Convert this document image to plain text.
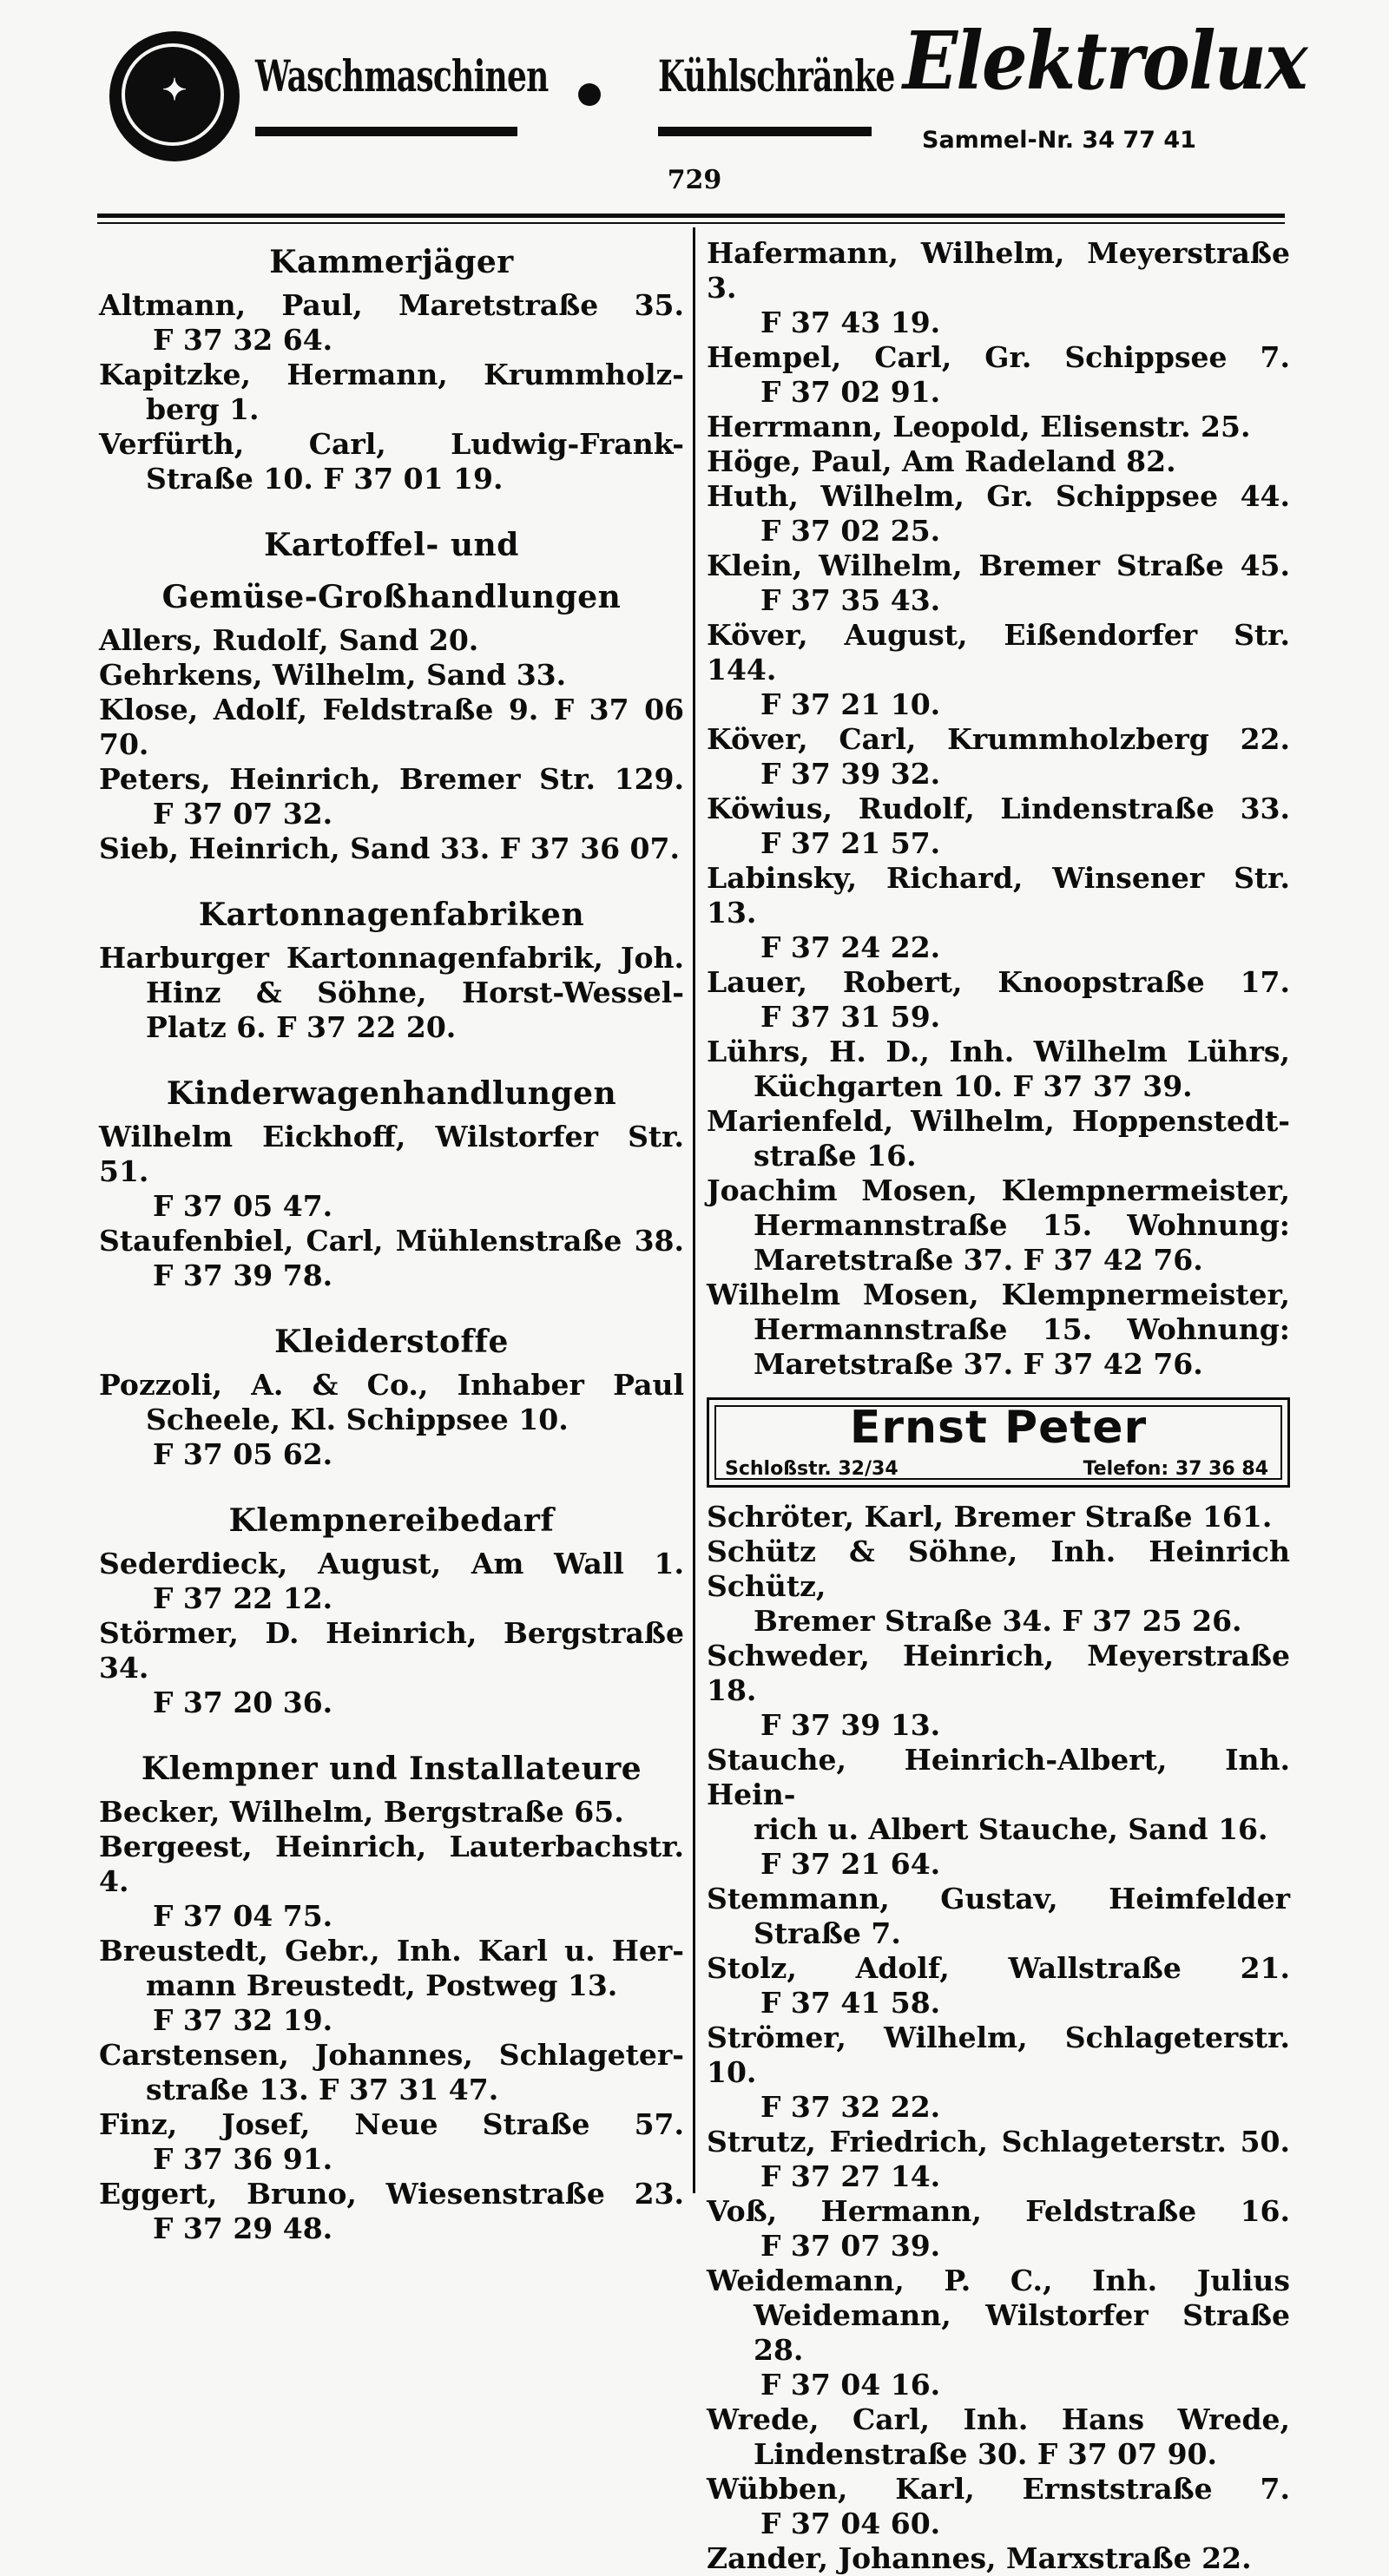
✦	Waschmaschinen	Kühlschränke Elektrolux
Sammel-Nr. 34 77 41
729
Kammerjäger
Altmann, Paul, Maretstraße 35.
F 37 32 64.
Kapitzke, Hermann, Krummholz-
berg 1.
Verfürth, Carl, Ludwig-Frank-
Straße 10. F 37 01 19.
Kartoffel- und
Gemüse-Großhandlungen
Allers, Rudolf, Sand 20.
Gehrkens, Wilhelm, Sand 33.
Klose, Adolf, Feldstraße 9. F 37 06 70.
Peters, Heinrich, Bremer Str. 129.
F 37 07 32.
Sieb, Heinrich, Sand 33. F 37 36 07.
Kartonnagenfabriken
Harburger Kartonnagenfabrik, Joh.
Hinz & Söhne, Horst-Wessel-
Platz 6. F 37 22 20.
Kinderwagenhandlungen
Wilhelm Eickhoff, Wilstorfer Str. 51.
F 37 05 47.
Staufenbiel, Carl, Mühlenstraße 38.
F 37 39 78.
Kleiderstoffe
Pozzoli, A. & Co., Inhaber Paul
Scheele, Kl. Schippsee 10.
F 37 05 62.
Klempnereibedarf
Sederdieck, August, Am Wall 1.
F 37 22 12.
Störmer, D. Heinrich, Bergstraße 34.
F 37 20 36.
Klempner und Installateure
Becker, Wilhelm, Bergstraße 65.
Bergeest, Heinrich, Lauterbachstr. 4.
F 37 04 75.
Breustedt, Gebr., Inh. Karl u. Her-
mann Breustedt, Postweg 13.
F 37 32 19.
Carstensen, Johannes, Schlageter-
straße 13. F 37 31 47.
Finz, Josef, Neue Straße 57.
F 37 36 91.
Eggert, Bruno, Wiesenstraße 23.
F 37 29 48.
Hafermann, Wilhelm, Meyerstraße 3.
F 37 43 19.
Hempel, Carl, Gr. Schippsee 7.
F 37 02 91.
Herrmann, Leopold, Elisenstr. 25.
Höge, Paul, Am Radeland 82.
Huth, Wilhelm, Gr. Schippsee 44.
F 37 02 25.
Klein, Wilhelm, Bremer Straße 45.
F 37 35 43.
Köver, August, Eißendorfer Str. 144.
F 37 21 10.
Köver, Carl, Krummholzberg 22.
F 37 39 32.
Köwius, Rudolf, Lindenstraße 33.
F 37 21 57.
Labinsky, Richard, Winsener Str. 13.
F 37 24 22.
Lauer, Robert, Knoopstraße 17.
F 37 31 59.
Lührs, H. D., Inh. Wilhelm Lührs,
Küchgarten 10. F 37 37 39.
Marienfeld, Wilhelm, Hoppenstedt-
straße 16.
Joachim Mosen, Klempnermeister,
Hermannstraße 15. Wohnung:
Maretstraße 37. F 37 42 76.
Wilhelm Mosen, Klempnermeister,
Hermannstraße 15. Wohnung:
Maretstraße 37. F 37 42 76.
Ernst Peter
Schloßstr. 32/34	Telefon: 37 36 84
Schröter, Karl, Bremer Straße 161.
Schütz & Söhne, Inh. Heinrich Schütz,
Bremer Straße 34. F 37 25 26.
Schweder, Heinrich, Meyerstraße 18.
F 37 39 13.
Stauche, Heinrich-Albert, Inh. Hein-
rich u. Albert Stauche, Sand 16.
F 37 21 64.
Stemmann, Gustav, Heimfelder
Straße 7.
Stolz, Adolf, Wallstraße 21.
F 37 41 58.
Strömer, Wilhelm, Schlageterstr. 10.
F 37 32 22.
Strutz, Friedrich, Schlageterstr. 50.
F 37 27 14.
Voß, Hermann, Feldstraße 16.
F 37 07 39.
Weidemann, P. C., Inh. Julius
Weidemann, Wilstorfer Straße 28.
F 37 04 16.
Wrede, Carl, Inh. Hans Wrede,
Lindenstraße 30. F 37 07 90.
Wübben, Karl, Ernststraße 7.
F 37 04 60.
Zander, Johannes, Marxstraße 22.
